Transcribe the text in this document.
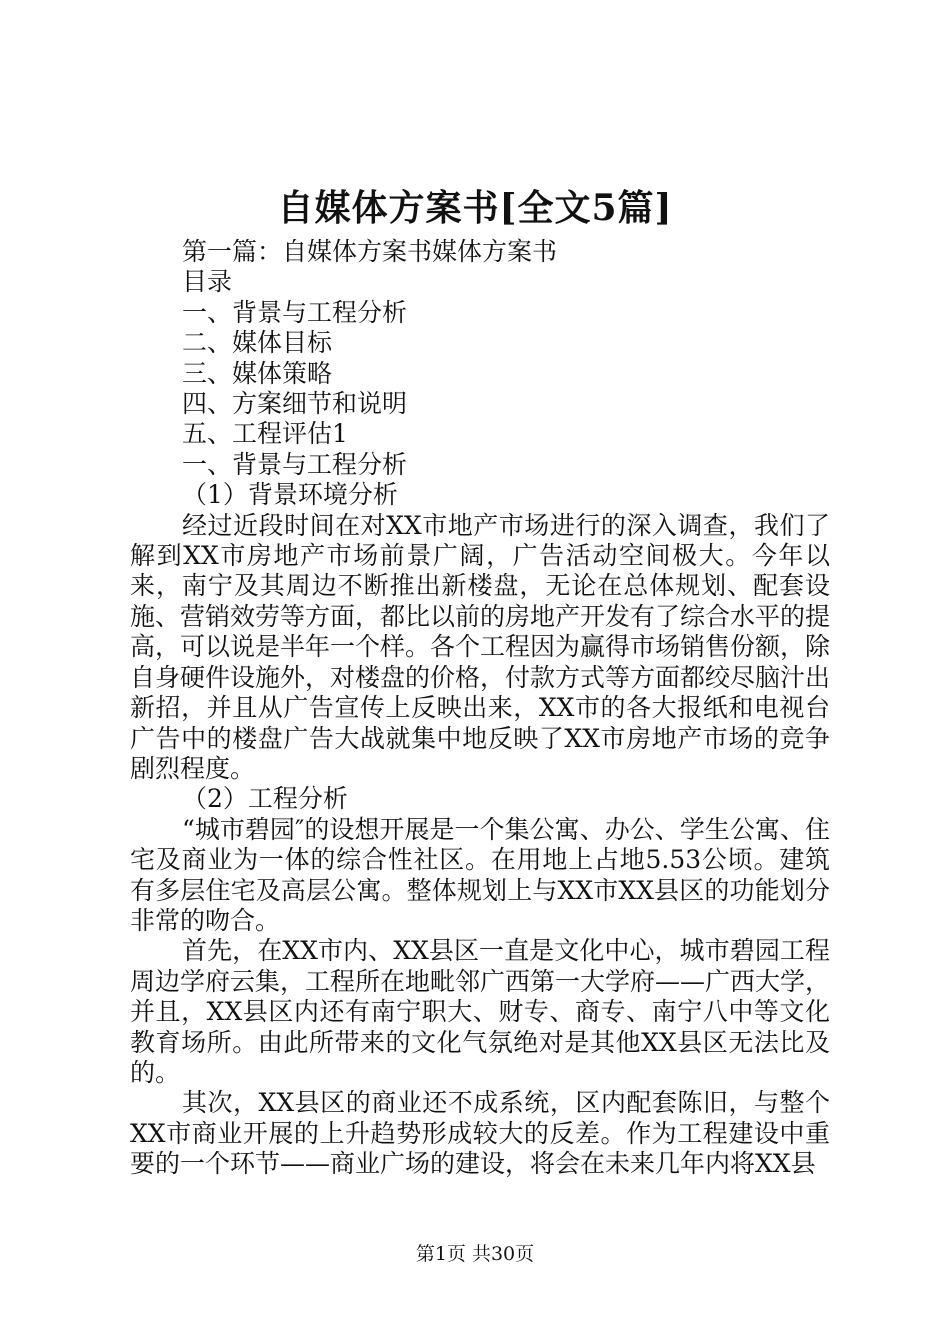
自媒体方案书[全文5篇]

第一篇：自媒体方案书媒体方案书

目录

一、背景与工程分析

二、媒体目标

三、媒体策略

四、方案细节和说明

五、工程评估1

一、背景与工程分析

（1）背景环境分析

经过近段时间在对XX市地产市场进行的深入调查，我们了解到XX市房地产市场前景广阔，广告活动空间极大。今年以来，南宁及其周边不断推出新楼盘，无论在总体规划、配套设施、营销效劳等方面，都比以前的房地产开发有了综合水平的提高，可以说是半年一个样。各个工程因为赢得市场销售份额，除自身硬件设施外，对楼盘的价格，付款方式等方面都绞尽脑汁出新招，并且从广告宣传上反映出来，XX市的各大报纸和电视台广告中的楼盘广告大战就集中地反映了XX市房地产市场的竞争剧烈程度。

（2）工程分析

“城市碧园″的设想开展是一个集公寓、办公、学生公寓、住宅及商业为一体的综合性社区。在用地上占地5.53公顷。建筑有多层住宅及高层公寓。整体规划上与XX市XX县区的功能划分非常的吻合。

首先，在XX市内、XX县区一直是文化中心，城市碧园工程周边学府云集，工程所在地毗邻广西第一大学府——广西大学，并且，XX县区内还有南宁职大、财专、商专、南宁八中等文化教育场所。由此所带来的文化气氛绝对是其他XX县区无法比及的。

其次，XX县区的商业还不成系统，区内配套陈旧，与整个XX市商业开展的上升趋势形成较大的反差。作为工程建设中重要的一个环节——商业广场的建设，将会在未来几年内将XX县

第1页 共30页
